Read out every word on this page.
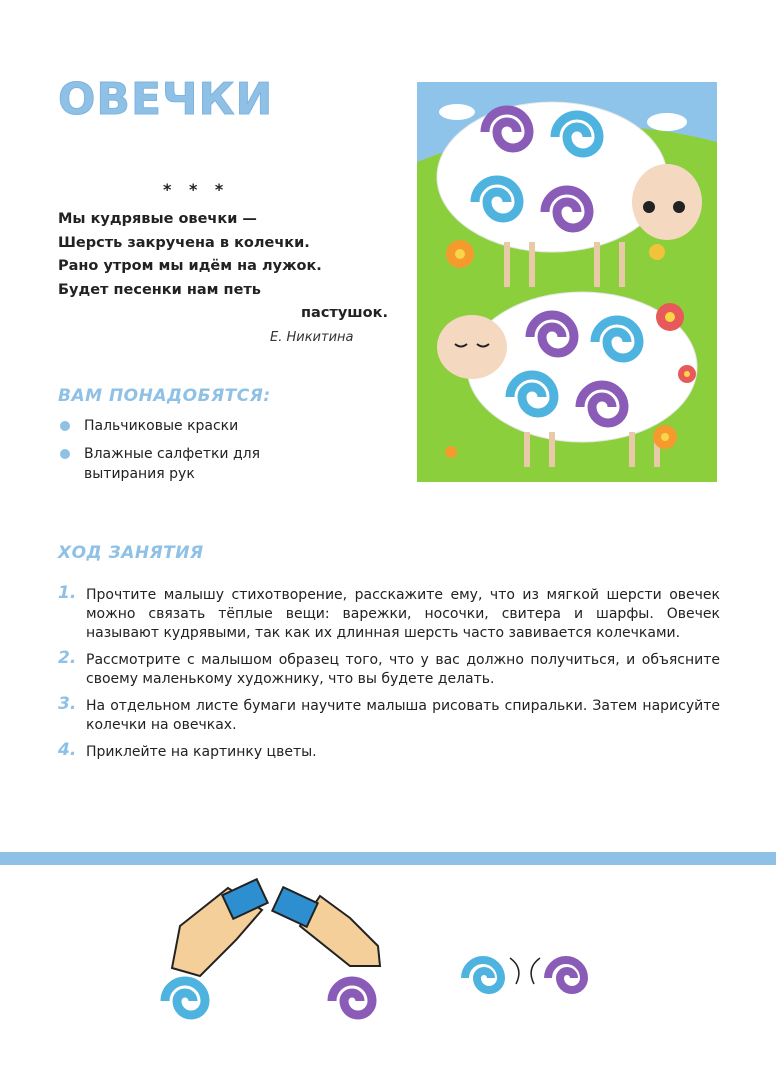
ОВЕЧКИ
* * *
Мы кудрявые овечки —
Шерсть закручена в колечки.
Рано утром мы идём на лужок.
Будет песенки нам петь
пастушок.
Е. Никитина
ВАМ ПОНАДОБЯТСЯ:
Пальчиковые краски
Влажные салфетки для вытирания рук
ХОД ЗАНЯТИЯ
1. Прочтите малышу стихотворение, расскажите ему, что из мягкой шерсти овечек можно связать тёплые вещи: варежки, носочки, свитера и шарфы. Овечек называют кудрявыми, так как их длинная шерсть часто завивается колечками.
2. Рассмотрите с малышом образец того, что у вас должно получиться, и объясните своему маленькому художнику, что вы будете делать.
3. На отдельном листе бумаги научите малыша рисовать спиральки. Затем нарисуйте колечки на овечках.
4. Приклейте на картинку цветы.
